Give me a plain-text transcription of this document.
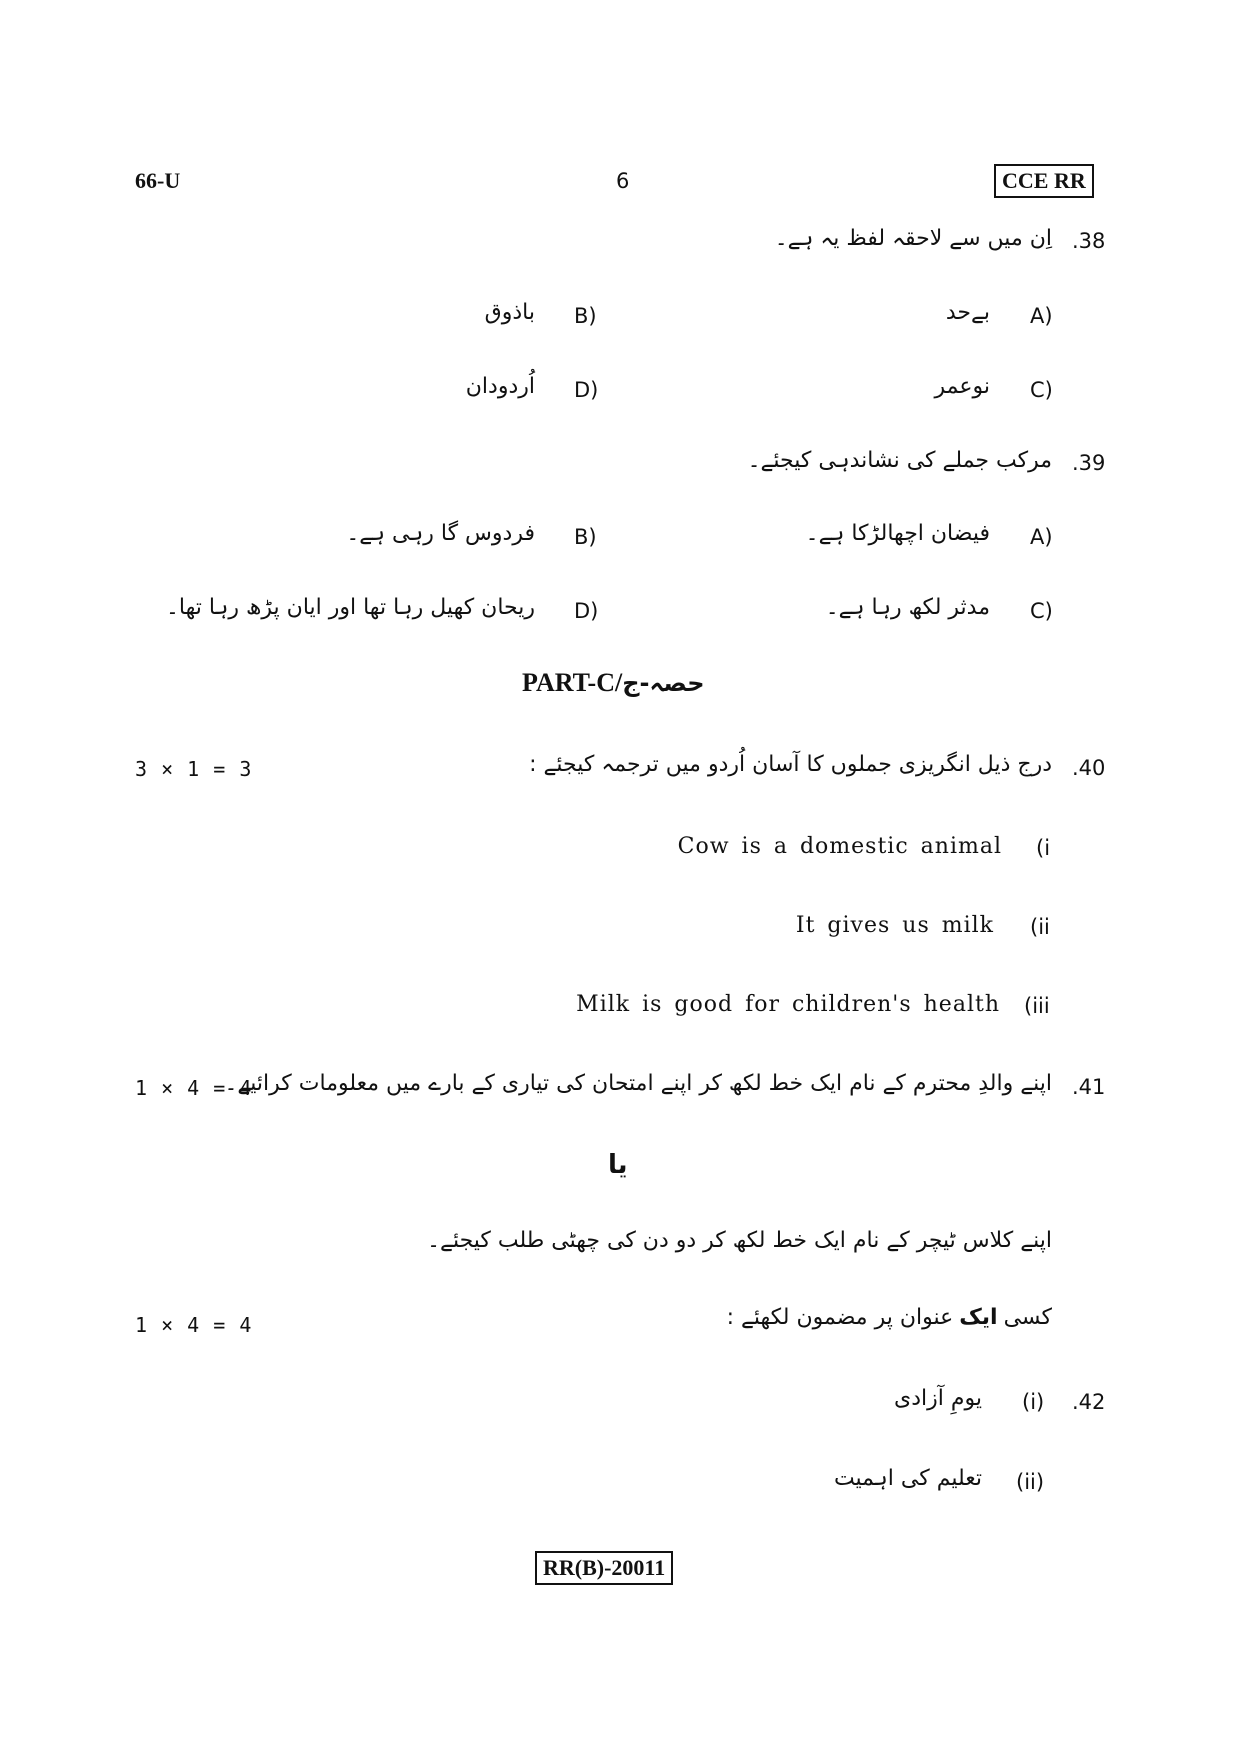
66-U	6	CCE RR
.38
اِن میں سے لاحقہ لفظ یہ ہے۔
A)
بےحد
B)
باذوق
C)
نوعمر
D)
اُردودان
.39
مرکب جملے کی نشاندہی کیجئے۔
A)
فیضان اچھالڑکا ہے۔
B)
فردوس گا رہی ہے۔
C)
مدثر لکھ رہا ہے۔
D)
ریحان کھیل رہا تھا اور ایان پڑھ رہا تھا۔
PART-C/ حصہ-ج
.40
درج ذیل انگریزی جملوں کا آسان اُردو میں ترجمہ کیجئے :
3 × 1 = 3
(i
Cow is a domestic animal
(ii
It gives us milk
(iii
Milk is good for children's health
.41
اپنے والدِ محترم کے نام ایک خط لکھ کر اپنے امتحان کی تیاری کے بارے میں معلومات کرائیے۔
1 × 4 = 4
یا
اپنے کلاس ٹیچر کے نام ایک خط لکھ کر دو دن کی چھٹی طلب کیجئے۔
کسی
ایک
عنوان پر مضمون لکھئے :
1 × 4 = 4
.42
(i)
یومِ آزادی
(ii)
تعلیم کی اہمیت
RR(B)-20011
